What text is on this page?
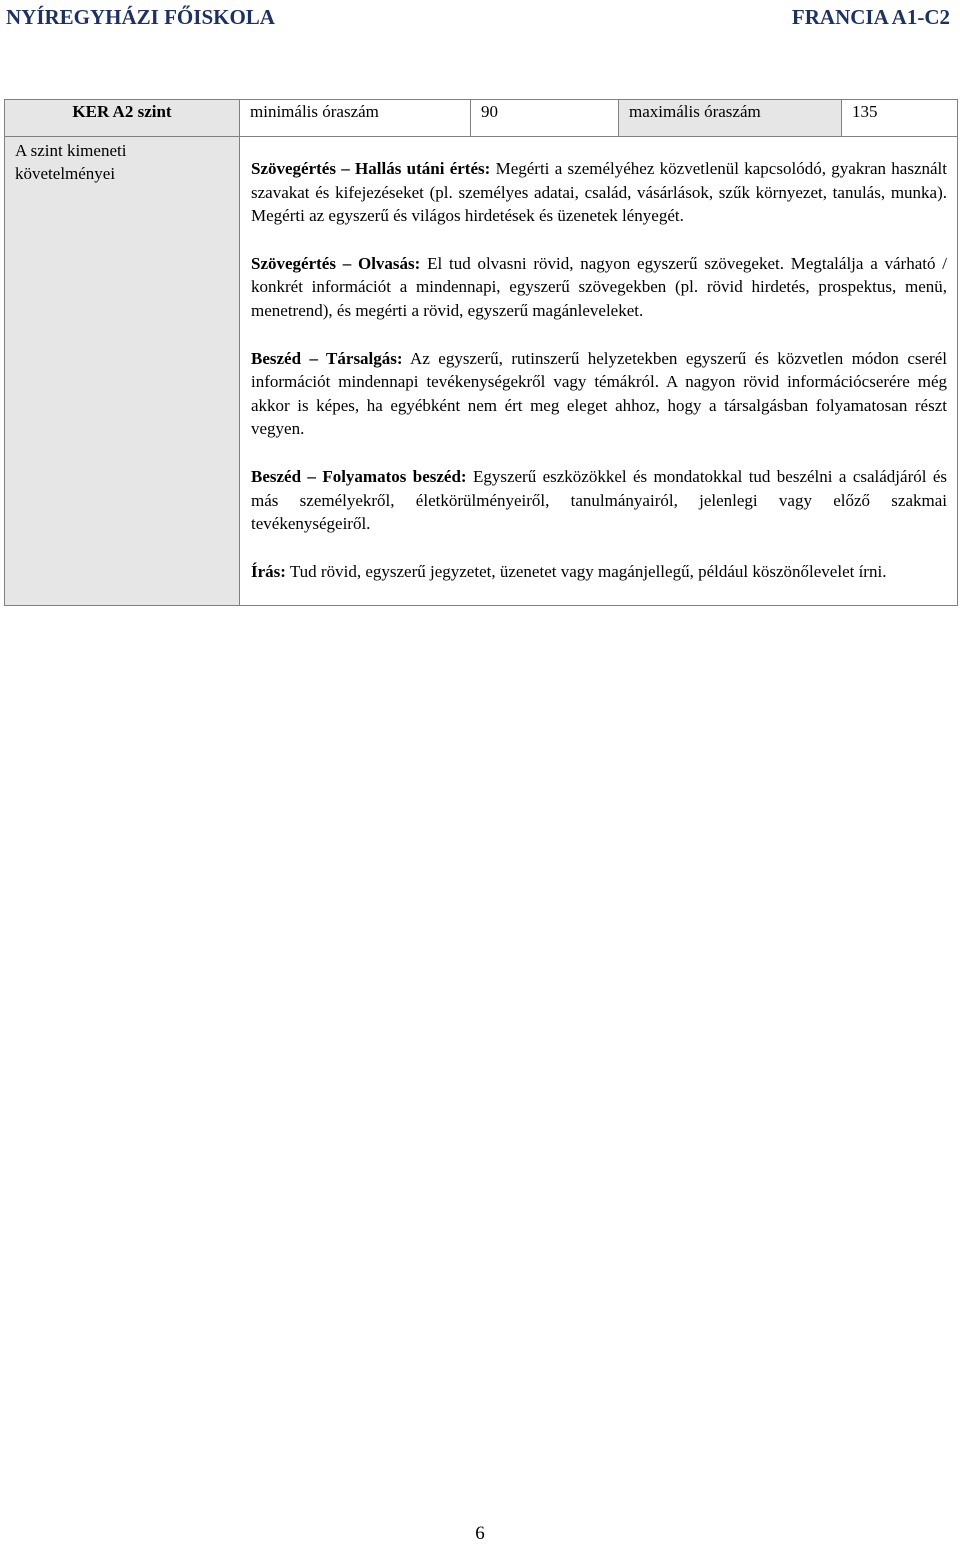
NYÍREGYHÁZI FŐISKOLA	FRANCIA A1-C2
KER A2 szint	minimális óraszám	90	maximális óraszám	135
A szint kimeneti követelményei	Szövegértés – Hallás utáni értés: Megérti a személyéhez közvetlenül kapcsolódó, gyakran használt szavakat és kifejezéseket (pl. személyes adatai, család, vásárlások, szűk környezet, tanulás, munka). Megérti az egyszerű és világos hirdetések és üzenetek lényegét.

Szövegértés – Olvasás: El tud olvasni rövid, nagyon egyszerű szövegeket. Megtalálja a várható / konkrét információt a mindennapi, egyszerű szövegekben (pl. rövid hirdetés, prospektus, menü, menetrend), és megérti a rövid, egyszerű magánleveleket.

Beszéd – Társalgás: Az egyszerű, rutinszerű helyzetekben egyszerű és közvetlen módon cserél információt mindennapi tevékenységekről vagy témákról. A nagyon rövid információcserére még akkor is képes, ha egyébként nem ért meg eleget ahhoz, hogy a társalgásban folyamatosan részt vegyen.

Beszéd – Folyamatos beszéd: Egyszerű eszközökkel és mondatokkal tud beszélni a családjáról és más személyekről, életkörülményeiről, tanulmányairól, jelenlegi vagy előző szakmai tevékenységeiről.

Írás: Tud rövid, egyszerű jegyzetet, üzenetet vagy magánjellegű, például köszönőlevelet írni.			

6
